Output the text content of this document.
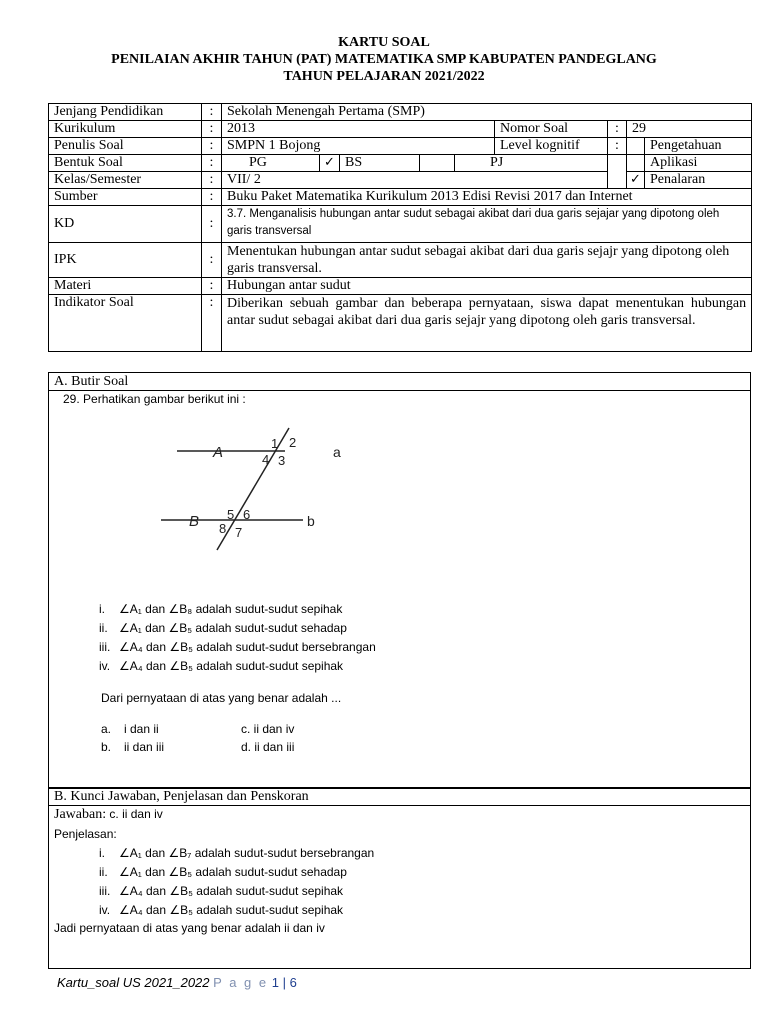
KARTU SOAL
PENILAIAN AKHIR TAHUN (PAT) MATEMATIKA SMP KABUPATEN PANDEGLANG
TAHUN PELAJARAN 2021/2022
Jenjang Pendidikan	:	Sekolah Menengah Pertama (SMP)								
Kurikulum	:	2013					Nomor Soal	:	29	
Penulis Soal	:	SMPN 1 Bojong					Level kognitif	:		Pengetahuan
Bentuk Soal	:	PG	✓	BS		PJ				Aplikasi
Kelas/Semester	:	VII/ 2							✓	Penalaran
Sumber	:	Buku Paket Matematika Kurikulum 2013 Edisi Revisi 2017 dan Internet								
KD	:	3.7. Menganalisis hubungan antar sudut sebagai akibat dari dua garis sejajar yang dipotong oleh garis transversal								
IPK	:	Menentukan hubungan antar sudut sebagai akibat dari dua garis sejajr yang dipotong oleh garis transversal.								
Materi	:	Hubungan antar sudut								
Indikator Soal	:	Diberikan sebuah gambar dan beberapa pernyataan, siswa dapat menentukan hubungan antar sudut sebagai akibat dari dua garis sejajr yang dipotong oleh garis transversal.								
A. Butir Soal
29. Perhatikan gambar berikut ini :
A	a
B	b
1 2
3
4
5 6
7
8
i. ∠A₁ dan ∠B₈ adalah sudut-sudut sepihak
ii. ∠A₁ dan ∠B₅ adalah sudut-sudut sehadap
iii. ∠A₄ dan ∠B₅ adalah sudut-sudut bersebrangan
iv. ∠A₄ dan ∠B₅ adalah sudut-sudut sepihak
Dari pernyataan di atas yang benar adalah ...
a. i dan ii
b. ii dan iii
c. ii dan iv
d. ii dan iii
B. Kunci Jawaban, Penjelasan dan Penskoran
Jawaban: c. ii dan iv
Penjelasan:
i. ∠A₁ dan ∠B₇ adalah sudut-sudut bersebrangan
ii. ∠A₁ dan ∠B₅ adalah sudut-sudut sehadap
iii. ∠A₄ dan ∠B₅ adalah sudut-sudut sepihak
iv. ∠A₄ dan ∠B₅ adalah sudut-sudut sepihak
Jadi pernyataan di atas yang benar adalah ii dan iv
Kartu_soal US 2021_2022 P a g e 1 | 6
